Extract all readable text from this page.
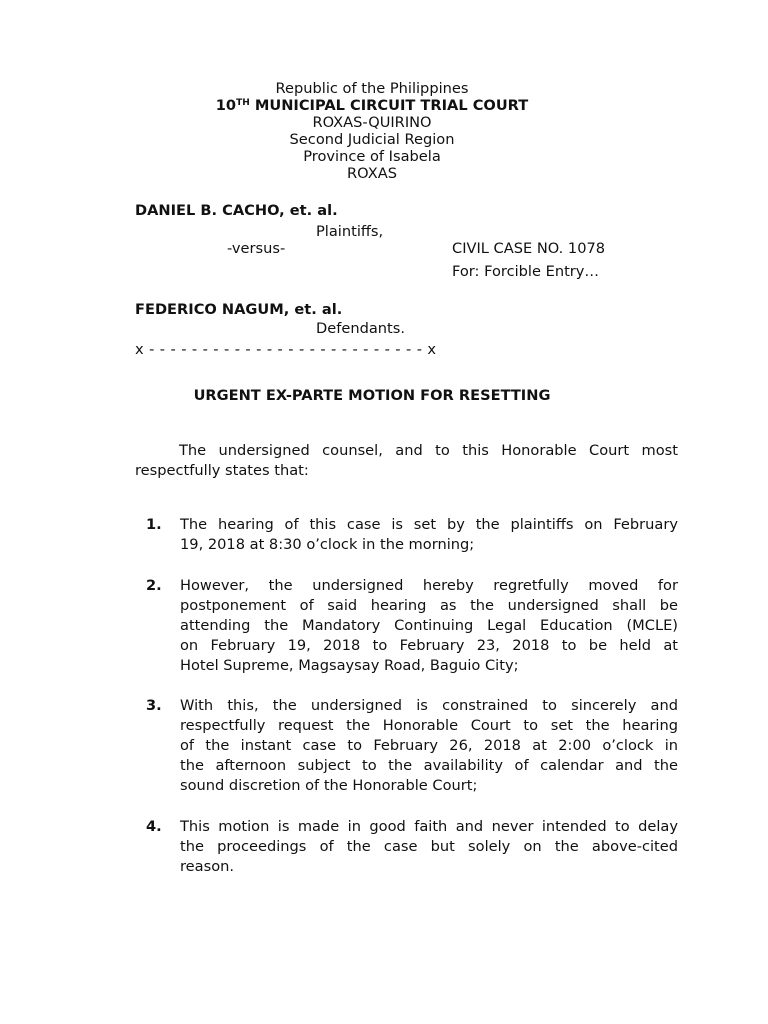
Republic of the Philippines
10TH MUNICIPAL CIRCUIT TRIAL COURT
ROXAS-QUIRINO
Second Judicial Region
Province of Isabela
ROXAS
DANIEL B. CACHO, et. al.
Plaintiffs,
-versus-	CIVIL CASE NO. 1078
For: Forcible Entry…
FEDERICO NAGUM, et. al.
Defendants.
x - - - - - - - - - - - - - - - - - - - - - - - - - - x
URGENT EX-PARTE MOTION FOR RESETTING
The undersigned counsel, and to this Honorable Court most
respectfully states that:
1. The hearing of this case is set by the plaintiffs on February
19, 2018 at 8:30 o’clock in the morning;
2. However, the undersigned hereby regretfully moved for
postponement of said hearing as the undersigned shall be
attending the Mandatory Continuing Legal Education (MCLE)
on February 19, 2018 to February 23, 2018 to be held at
Hotel Supreme, Magsaysay Road, Baguio City;
3. With this, the undersigned is constrained to sincerely and
respectfully request the Honorable Court to set the hearing
of the instant case to February 26, 2018 at 2:00 o’clock in
the afternoon subject to the availability of calendar and the
sound discretion of the Honorable Court;
4. This motion is made in good faith and never intended to delay
the proceedings of the case but solely on the above-cited
reason.
